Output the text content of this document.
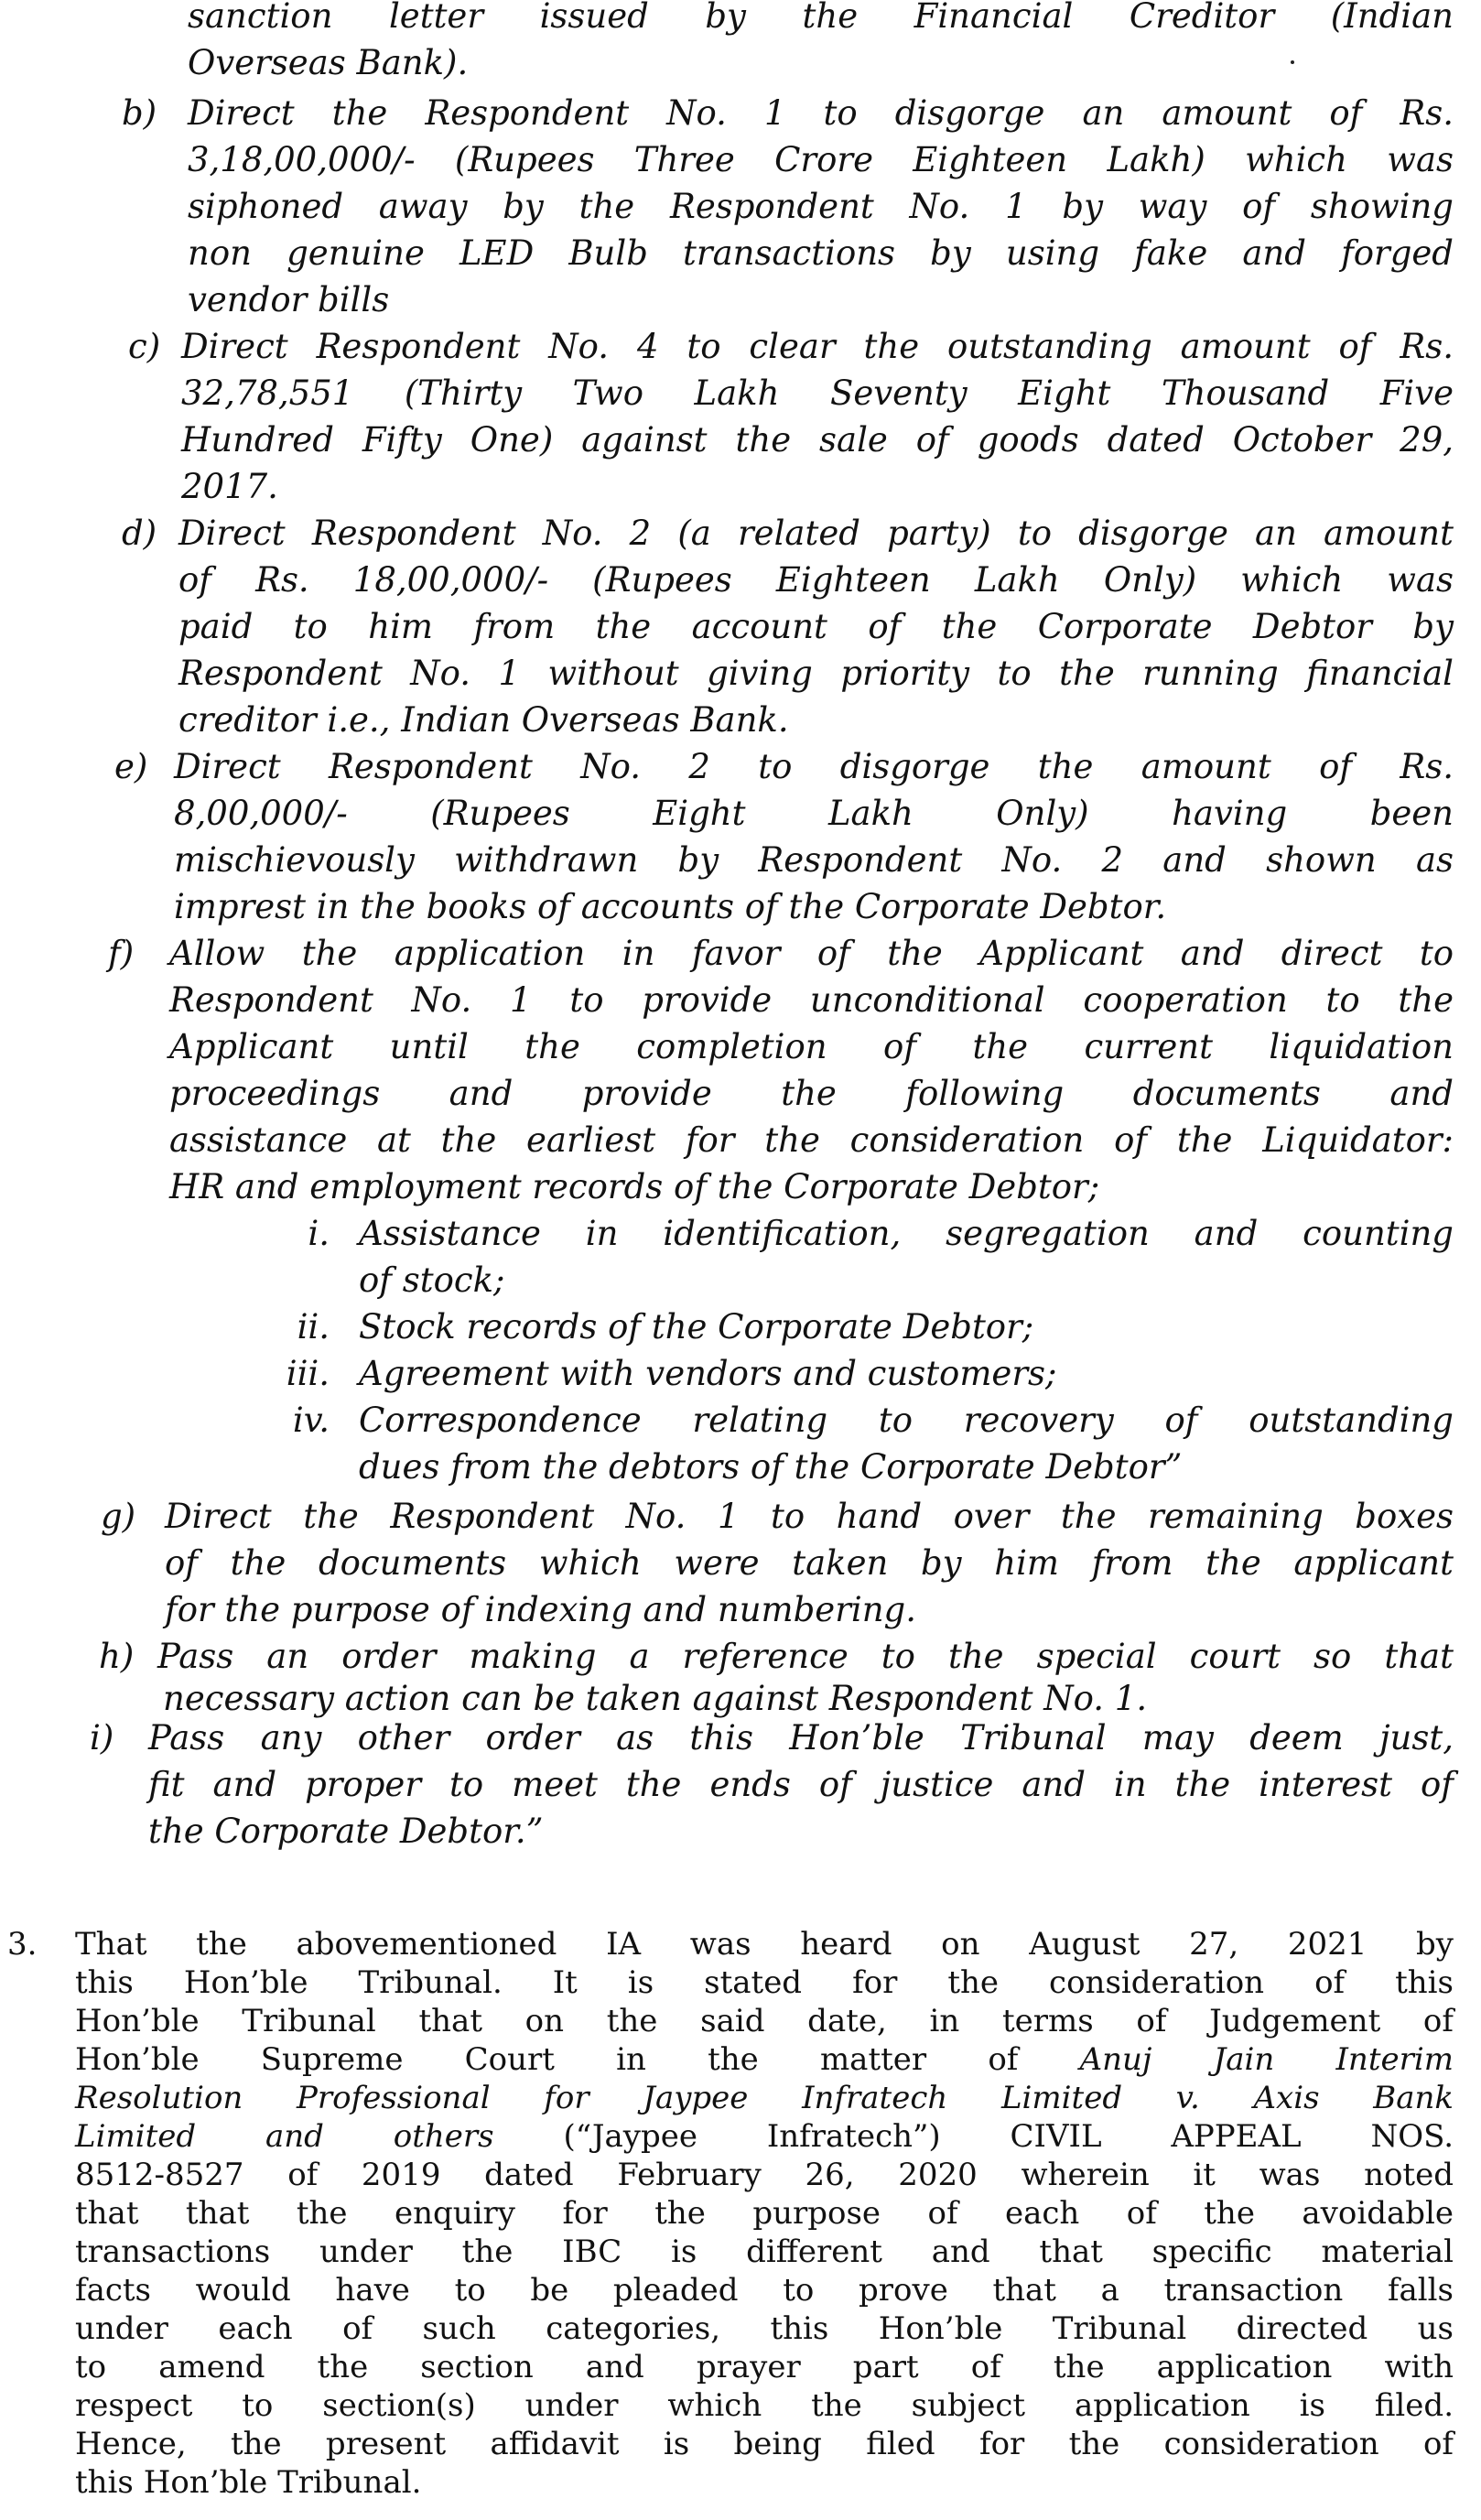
sanction letter issued by the Financial Creditor (Indian
Overseas Bank).
b) Direct the Respondent No. 1 to disgorge an amount of Rs.
3,18,00,000/- (Rupees Three Crore Eighteen Lakh) which was
siphoned away by the Respondent No. 1 by way of showing
non genuine LED Bulb transactions by using fake and forged
vendor bills
c) Direct Respondent No. 4 to clear the outstanding amount of Rs.
32,78,551 (Thirty Two Lakh Seventy Eight Thousand Five
Hundred Fifty One) against the sale of goods dated October 29,
2017.
d) Direct Respondent No. 2 (a related party) to disgorge an amount
of Rs. 18,00,000/- (Rupees Eighteen Lakh Only) which was
paid to him from the account of the Corporate Debtor by
Respondent No. 1 without giving priority to the running financial
creditor i.e., Indian Overseas Bank.
e) Direct Respondent No. 2 to disgorge the amount of Rs.
8,00,000/- (Rupees Eight Lakh Only) having been
mischievously withdrawn by Respondent No. 2 and shown as
imprest in the books of accounts of the Corporate Debtor.
f) Allow the application in favor of the Applicant and direct to
Respondent No. 1 to provide unconditional cooperation to the
Applicant until the completion of the current liquidation
proceedings and provide the following documents and
assistance at the earliest for the consideration of the Liquidator:
HR and employment records of the Corporate Debtor;
i. Assistance in identification, segregation and counting
of stock;
ii. Stock records of the Corporate Debtor;
iii. Agreement with vendors and customers;
iv. Correspondence relating to recovery of outstanding
dues from the debtors of the Corporate Debtor”
g) Direct the Respondent No. 1 to hand over the remaining boxes
of the documents which were taken by him from the applicant
for the purpose of indexing and numbering.
h) Pass an order making a reference to the special court so that
necessary action can be taken against Respondent No. 1.
i) Pass any other order as this Hon’ble Tribunal may deem just,
fit and proper to meet the ends of justice and in the interest of
the Corporate Debtor.”
3. That the abovementioned IA was heard on August 27, 2021 by
this Hon’ble Tribunal. It is stated for the consideration of this
Hon’ble Tribunal that on the said date, in terms of Judgement of
Hon’ble Supreme Court in the matter of Anuj Jain Interim
Resolution Professional for Jaypee Infratech Limited v. Axis Bank
Limited and others (“Jaypee Infratech”) CIVIL APPEAL NOS.
8512-8527 of 2019 dated February 26, 2020 wherein it was noted
that that the enquiry for the purpose of each of the avoidable
transactions under the IBC is different and that specific material
facts would have to be pleaded to prove that a transaction falls
under each of such categories, this Hon’ble Tribunal directed us
to amend the section and prayer part of the application with
respect to section(s) under which the subject application is filed.
Hence, the present affidavit is being filed for the consideration of
this Hon’ble Tribunal.
